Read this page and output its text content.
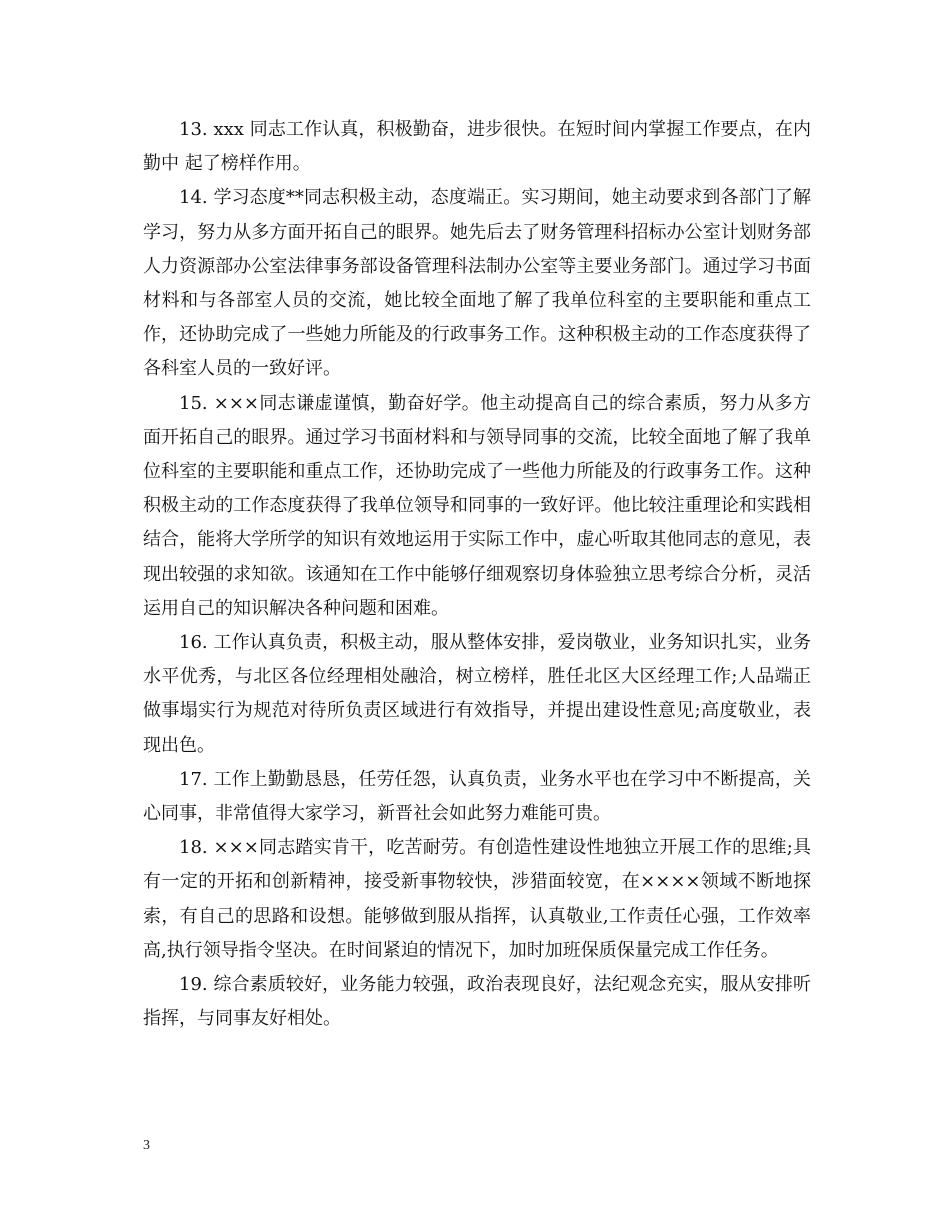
13. xxx 同志工作认真，积极勤奋，进步很快。在短时间内掌握工作要点，在内勤中 起了榜样作用。

14. 学习态度**同志积极主动，态度端正。实习期间，她主动要求到各部门了解学习，努力从多方面开拓自己的眼界。她先后去了财务管理科招标办公室计划财务部人力资源部办公室法律事务部设备管理科法制办公室等主要业务部门。通过学习书面材料和与各部室人员的交流，她比较全面地了解了我单位科室的主要职能和重点工作，还协助完成了一些她力所能及的行政事务工作。这种积极主动的工作态度获得了各科室人员的一致好评。

15. ×××同志谦虚谨慎，勤奋好学。他主动提高自己的综合素质，努力从多方面开拓自己的眼界。通过学习书面材料和与领导同事的交流，比较全面地了解了我单位科室的主要职能和重点工作，还协助完成了一些他力所能及的行政事务工作。这种积极主动的工作态度获得了我单位领导和同事的一致好评。他比较注重理论和实践相结合，能将大学所学的知识有效地运用于实际工作中，虚心听取其他同志的意见，表现出较强的求知欲。该通知在工作中能够仔细观察切身体验独立思考综合分析，灵活运用自己的知识解决各种问题和困难。

16. 工作认真负责，积极主动，服从整体安排，爱岗敬业，业务知识扎实，业务水平优秀，与北区各位经理相处融洽，树立榜样，胜任北区大区经理工作;人品端正做事塌实行为规范对待所负责区域进行有效指导，并提出建设性意见;高度敬业，表现出色。

17. 工作上勤勤恳恳，任劳任怨，认真负责，业务水平也在学习中不断提高，关心同事，非常值得大家学习，新晋社会如此努力难能可贵。

18. ×××同志踏实肯干，吃苦耐劳。有创造性建设性地独立开展工作的思维;具有一定的开拓和创新精神，接受新事物较快，涉猎面较宽，在××××领域不断地探索，有自己的思路和设想。能够做到服从指挥，认真敬业,工作责任心强，工作效率高,执行领导指令坚决。在时间紧迫的情况下，加时加班保质保量完成工作任务。

19. 综合素质较好，业务能力较强，政治表现良好，法纪观念充实，服从安排听指挥，与同事友好相处。

3
